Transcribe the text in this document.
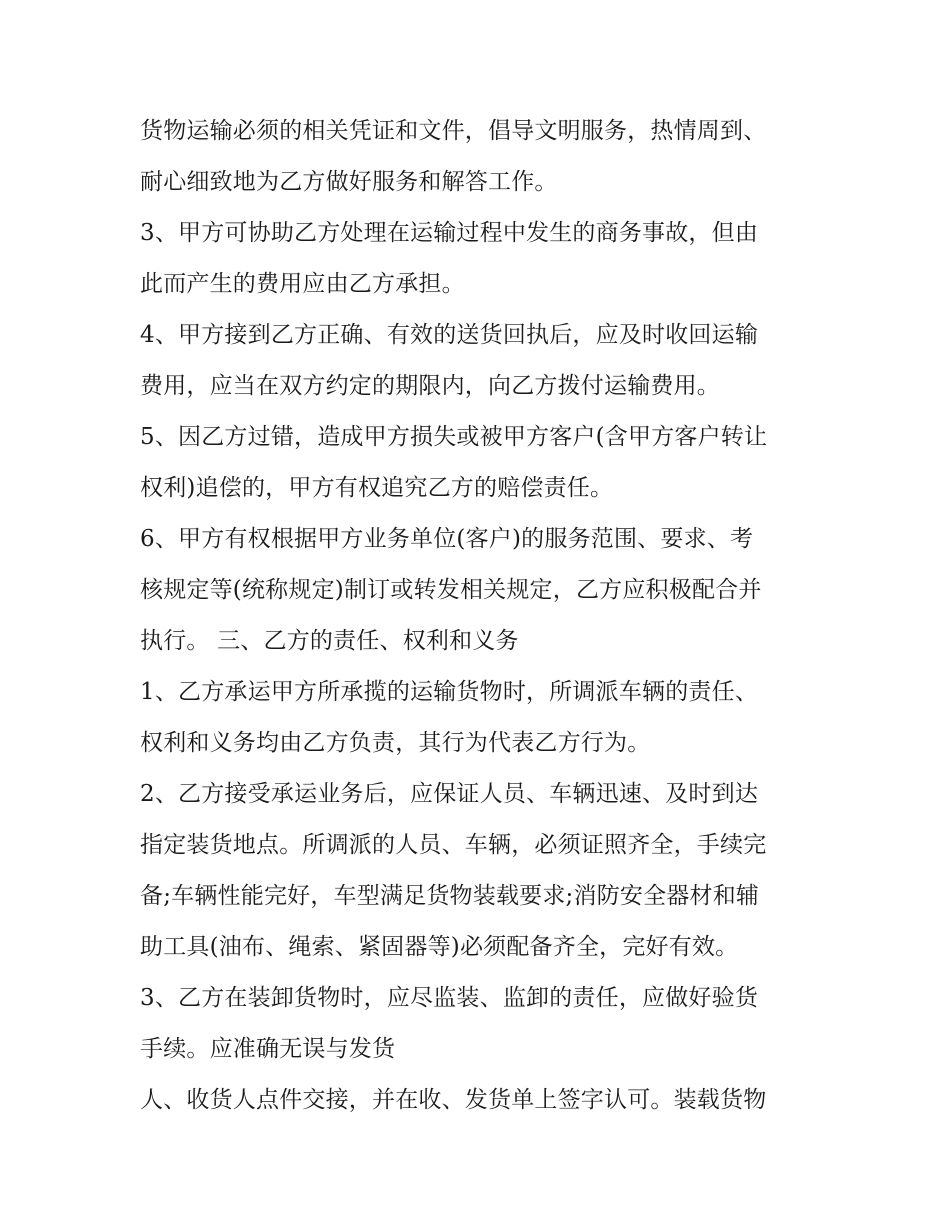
货物运输必须的相关凭证和文件，倡导文明服务，热情周到、
耐心细致地为乙方做好服务和解答工作。
3、甲方可协助乙方处理在运输过程中发生的商务事故，但由
此而产生的费用应由乙方承担。
4、甲方接到乙方正确、有效的送货回执后，应及时收回运输
费用，应当在双方约定的期限内，向乙方拨付运输费用。
5、因乙方过错，造成甲方损失或被甲方客户(含甲方客户转让
权利)追偿的，甲方有权追究乙方的赔偿责任。
6、甲方有权根据甲方业务单位(客户)的服务范围、要求、考
核规定等(统称规定)制订或转发相关规定，乙方应积极配合并
执行。 三、乙方的责任、权利和义务
1、乙方承运甲方所承揽的运输货物时，所调派车辆的责任、
权利和义务均由乙方负责，其行为代表乙方行为。
2、乙方接受承运业务后，应保证人员、车辆迅速、及时到达
指定装货地点。所调派的人员、车辆，必须证照齐全，手续完
备;车辆性能完好，车型满足货物装载要求;消防安全器材和辅
助工具(油布、绳索、紧固器等)必须配备齐全，完好有效。
3、乙方在装卸货物时，应尽监装、监卸的责任，应做好验货
手续。应准确无误与发货
人、收货人点件交接，并在收、发货单上签字认可。装载货物
